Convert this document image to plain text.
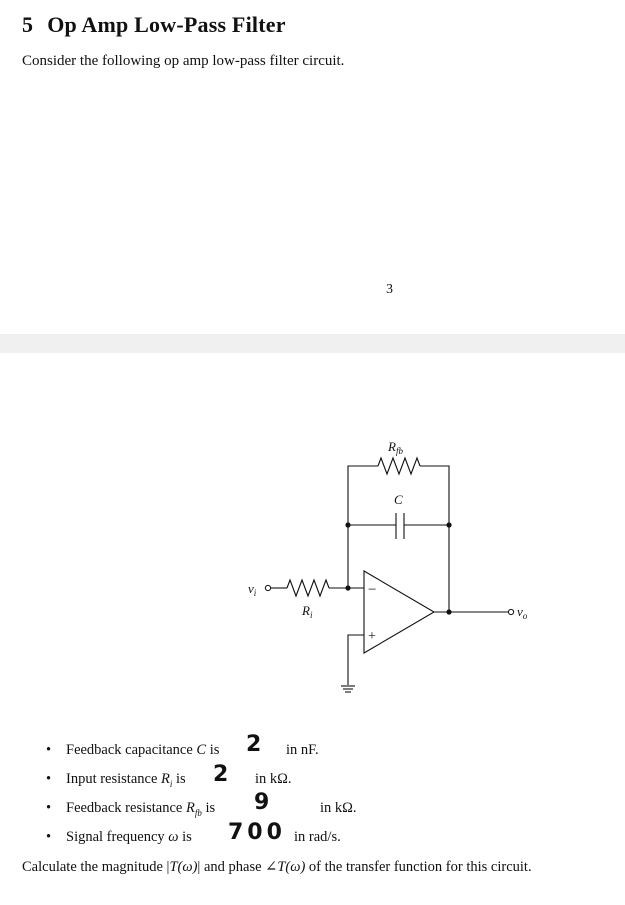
5 Op Amp Low-Pass Filter
Consider the following op amp low-pass filter circuit.
3
$R_{fb}$
C
$v_i$
$R_i$	$v_o$
−
+
• Feedback capacitance C is 2 in nF.
• Input resistance $R_i$ is 2 in kΩ.
• Feedback resistance $R_{fb}$ is 9	in kΩ.
• Signal frequency ω is 700 in rad/s.
Calculate the magnitude |T(ω)| and phase ∠T(ω) of the transfer function for this circuit.
